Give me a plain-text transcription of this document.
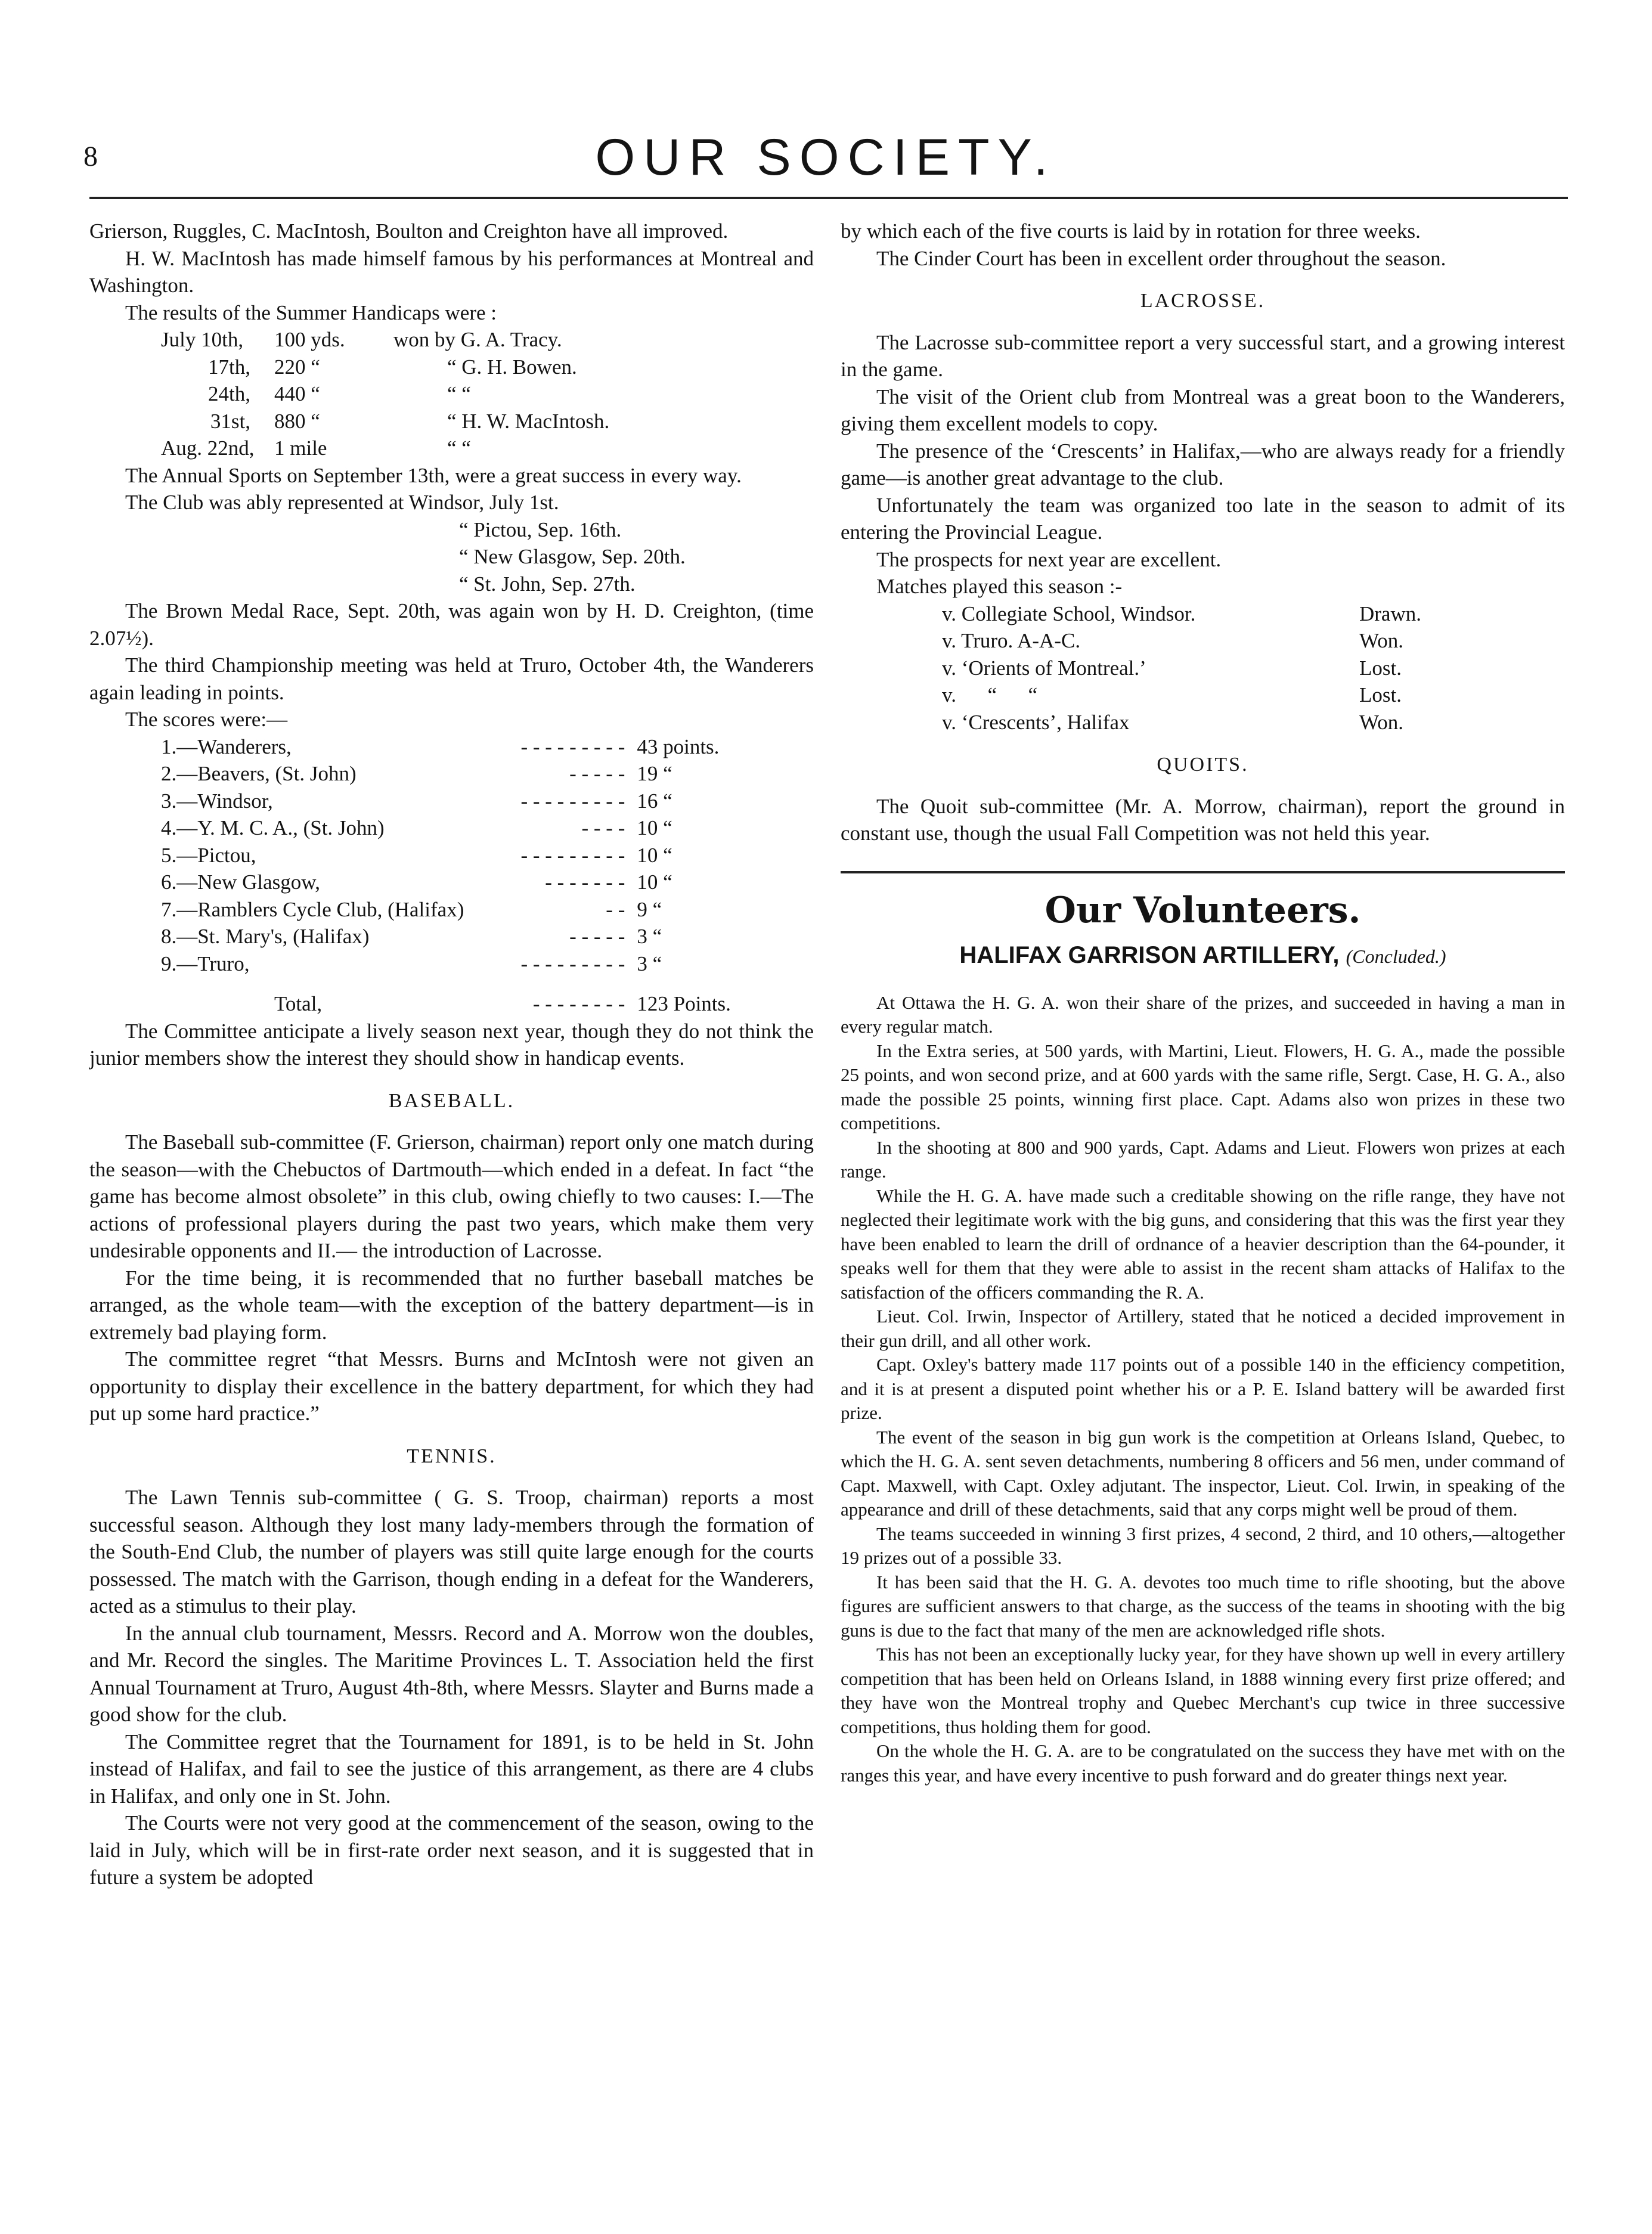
8	OUR SOCIETY.

Grierson, Ruggles, C. MacIntosh, Boulton and Creighton have all improved.

H. W. MacIntosh has made himself famous by his performances at Montreal and Washington.

The results of the Summer Handicaps were :

July 10th,	100 yds.	won by G. A. Tracy.
17th,	220 “	“ G. H. Bowen.
24th,	440 “	“ “
31st,	880 “	“ H. W. MacIntosh.
Aug. 22nd,	1 mile	“ “

The Annual Sports on September 13th, were a great success in every way.

The Club was ably represented at Windsor, July 1st.

“ Pictou, Sep. 16th.

“ New Glasgow, Sep. 20th.

“ St. John, Sep. 27th.

The Brown Medal Race, Sept. 20th, was again won by H. D. Creighton, (time 2.07½).

The third Championship meeting was held at Truro, October 4th, the Wanderers again leading in points.

The scores were:—

1.—Wanderers,	- - - - - - - - -	43 points.
2.—Beavers, (St. John)	- - - - -	19 “
3.—Windsor,	- - - - - - - - -	16 “
4.—Y. M. C. A., (St. John)	- - - -	10 “
5.—Pictou,	- - - - - - - - -	10 “
6.—New Glasgow,	- - - - - - -	10 “
7.—Ramblers Cycle Club, (Halifax)	- -	9 “
8.—St. Mary's, (Halifax)	- - - - -	3 “
9.—Truro,	- - - - - - - - -	3 “

Total,	- - - - - - - -	123 Points.

The Committee anticipate a lively season next year, though they do not think the junior members show the interest they should show in handicap events.

BASEBALL.

The Baseball sub-committee (F. Grierson, chairman) report only one match during the season—with the Chebuctos of Dartmouth—which ended in a defeat. In fact “the game has become almost obsolete” in this club, owing chiefly to two causes: I.—The actions of professional players during the past two years, which make them very undesirable opponents and II.— the introduction of Lacrosse.

For the time being, it is recommended that no further baseball matches be arranged, as the whole team—with the exception of the battery department—is in extremely bad playing form.

The committee regret “that Messrs. Burns and McIntosh were not given an opportunity to display their excellence in the battery department, for which they had put up some hard practice.”

TENNIS.

The Lawn Tennis sub-committee ( G. S. Troop, chairman) reports a most successful season. Although they lost many lady-members through the formation of the South-End Club, the number of players was still quite large enough for the courts possessed. The match with the Garrison, though ending in a defeat for the Wanderers, acted as a stimulus to their play.

In the annual club tournament, Messrs. Record and A. Morrow won the doubles, and Mr. Record the singles. The Maritime Provinces L. T. Association held the first Annual Tournament at Truro, August 4th-8th, where Messrs. Slayter and Burns made a good show for the club.

The Committee regret that the Tournament for 1891, is to be held in St. John instead of Halifax, and fail to see the justice of this arrangement, as there are 4 clubs in Halifax, and only one in St. John.

The Courts were not very good at the commencement of the season, owing to the laid in July, which will be in first-rate order next season, and it is suggested that in future a system be adopted

by which each of the five courts is laid by in rotation for three weeks.

The Cinder Court has been in excellent order throughout the season.

LACROSSE.

The Lacrosse sub-committee report a very successful start, and a growing interest in the game.

The visit of the Orient club from Montreal was a great boon to the Wanderers, giving them excellent models to copy.

The presence of the ‘Crescents’ in Halifax,—who are always ready for a friendly game—is another great advantage to the club.

Unfortunately the team was organized too late in the season to admit of its entering the Provincial League.

The prospects for next year are excellent.

Matches played this season :-

v. Collegiate School, Windsor.	Drawn.
v. Truro. A-A-C.	Won.
v. ‘Orients of Montreal.’	Lost.
v.      “      “	Lost.
v. ‘Crescents’, Halifax	Won.
QUOITS.

The Quoit sub-committee (Mr. A. Morrow, chairman), report the ground in constant use, though the usual Fall Competition was not held this year.

Our Volunteers.
HALIFAX GARRISON ARTILLERY, (Concluded.)

At Ottawa the H. G. A. won their share of the prizes, and succeeded in having a man in every regular match.

In the Extra series, at 500 yards, with Martini, Lieut. Flowers, H. G. A., made the possible 25 points, and won second prize, and at 600 yards with the same rifle, Sergt. Case, H. G. A., also made the possible 25 points, winning first place. Capt. Adams also won prizes in these two competitions.

In the shooting at 800 and 900 yards, Capt. Adams and Lieut. Flowers won prizes at each range.

While the H. G. A. have made such a creditable showing on the rifle range, they have not neglected their legitimate work with the big guns, and considering that this was the first year they have been enabled to learn the drill of ordnance of a heavier description than the 64-pounder, it speaks well for them that they were able to assist in the recent sham attacks of Halifax to the satisfaction of the officers commanding the R. A.

Lieut. Col. Irwin, Inspector of Artillery, stated that he noticed a decided improvement in their gun drill, and all other work.

Capt. Oxley's battery made 117 points out of a possible 140 in the efficiency competition, and it is at present a disputed point whether his or a P. E. Island battery will be awarded first prize.

The event of the season in big gun work is the competition at Orleans Island, Quebec, to which the H. G. A. sent seven detachments, numbering 8 officers and 56 men, under command of Capt. Maxwell, with Capt. Oxley adjutant. The inspector, Lieut. Col. Irwin, in speaking of the appearance and drill of these detachments, said that any corps might well be proud of them.

The teams succeeded in winning 3 first prizes, 4 second, 2 third, and 10 others,—altogether 19 prizes out of a possible 33.

It has been said that the H. G. A. devotes too much time to rifle shooting, but the above figures are sufficient answers to that charge, as the success of the teams in shooting with the big guns is due to the fact that many of the men are acknowledged rifle shots.

This has not been an exceptionally lucky year, for they have shown up well in every artillery competition that has been held on Orleans Island, in 1888 winning every first prize offered; and they have won the Montreal trophy and Quebec Merchant's cup twice in three successive competitions, thus holding them for good.

On the whole the H. G. A. are to be congratulated on the success they have met with on the ranges this year, and have every incentive to push forward and do greater things next year.
